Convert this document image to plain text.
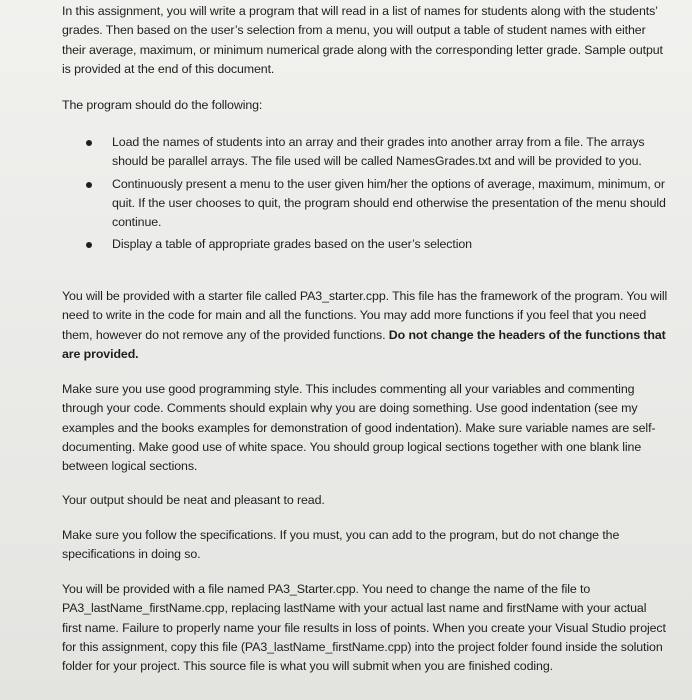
In this assignment, you will write a program that will read in a list of names for students along with the students’ grades. Then based on the user’s selection from a menu, you will output a table of student names with either their average, maximum, or minimum numerical grade along with the corresponding letter grade. Sample output is provided at the end of this document.
The program should do the following:
Load the names of students into an array and their grades into another array from a file. The arrays should be parallel arrays. The file used will be called NamesGrades.txt and will be provided to you.
Continuously present a menu to the user given him/her the options of average, maximum, minimum, or quit. If the user chooses to quit, the program should end otherwise the presentation of the menu should continue.
Display a table of appropriate grades based on the user’s selection
You will be provided with a starter file called PA3_starter.cpp. This file has the framework of the program. You will need to write in the code for main and all the functions. You may add more functions if you feel that you need them, however do not remove any of the provided functions. Do not change the headers of the functions that are provided.
Make sure you use good programming style. This includes commenting all your variables and commenting through your code. Comments should explain why you are doing something. Use good indentation (see my examples and the books examples for demonstration of good indentation). Make sure variable names are self-documenting. Make good use of white space. You should group logical sections together with one blank line between logical sections.
Your output should be neat and pleasant to read.
Make sure you follow the specifications. If you must, you can add to the program, but do not change the specifications in doing so.
You will be provided with a file named PA3_Starter.cpp. You need to change the name of the file to PA3_lastName_firstName.cpp, replacing lastName with your actual last name and firstName with your actual first name. Failure to properly name your file results in loss of points. When you create your Visual Studio project for this assignment, copy this file (PA3_lastName_firstName.cpp) into the project folder found inside the solution folder for your project. This source file is what you will submit when you are finished coding.
